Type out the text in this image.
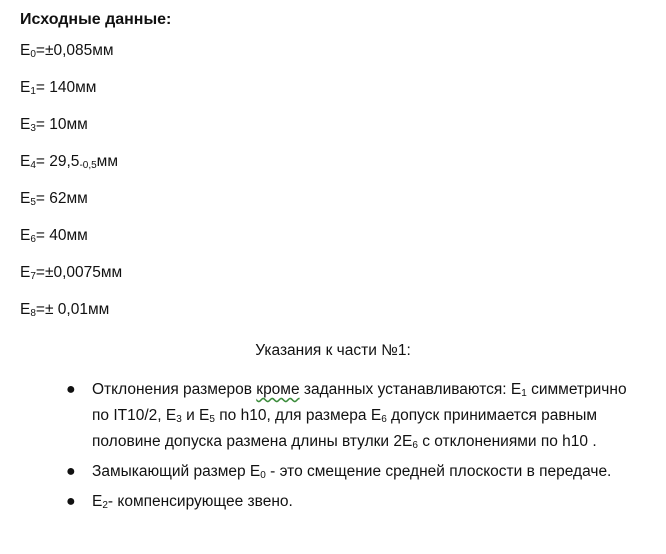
Исходные данные:
$E_0=\pm 0,085мм$
$E_1= 140мм$
$E_3= 10мм$
$E_4= 29,5-0,5мм$
$E_5= 62мм$
$E_6= 40мм$
$E_7=\pm 0,0075мм$
$E_8=\pm 0,01мм$
Указания к части №1:
● Отклонения размеров кроме заданных устанавливаются: $E_1$ симметрично по IT10/2, $E_3$ и $E_5$ по h10, для размера $E_6$ допуск принимается равным половине допуска размена длины втулки $2E_6$ с отклонениями по h10 .
● Замыкающий размер $E_0$ - это смещение средней плоскости в передаче.
● $E_2-$ компенсирующее звено.
